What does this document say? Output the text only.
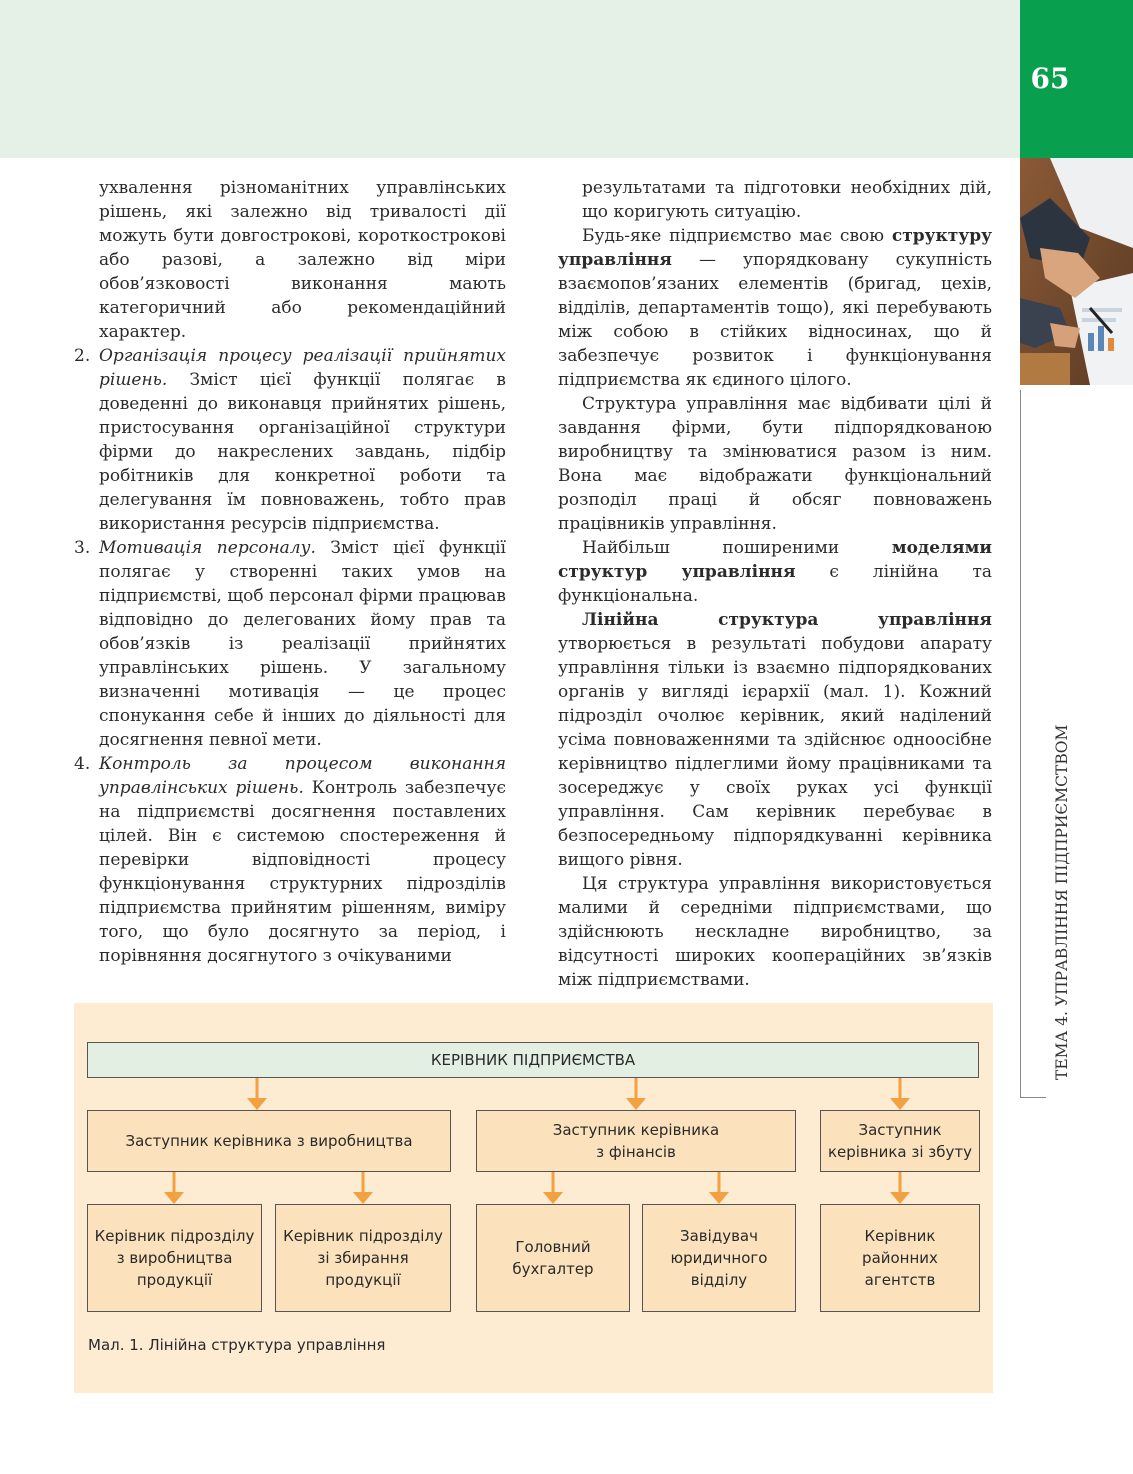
65
ТЕМА 4. УПРАВЛІННЯ ПІДПРИЄМСТВОМ

ухвалення різноманітних управлінських рішень, які залежно від тривалості дії можуть бути довгострокові, короткострокові або разові, а залежно від міри обов’язковості виконання мають категоричний або рекомендаційний характер.

2. Організація процесу реалізації прийнятих рішень. Зміст цієї функції полягає в доведенні до виконавця прийнятих рішень, пристосування організаційної структури фірми до накреслених завдань, підбір робітників для конкретної роботи та делегування їм повноважень, тобто прав використання ресурсів підприємства.

3. Мотивація персоналу. Зміст цієї функції полягає у створенні таких умов на підприємстві, щоб персонал фірми працював відповідно до делегованих йому прав та обов’язків із реалізації прийнятих управлінських рішень. У загальному визначенні мотивація — це процес спонукання себе й інших до діяльності для досягнення певної мети.

4. Контроль за процесом виконання управлінських рішень. Контроль забезпечує на підприємстві досягнення поставлених цілей. Він є системою спостереження й перевірки відповідності процесу функціонування структурних підрозділів підприємства прийнятим рішенням, виміру того, що було досягнуто за період, і порівняння досягнутого з очікуваними

результатами та підготовки необхідних дій, що коригують ситуацію.

Будь-яке підприємство має свою структуру управління — упорядковану сукупність взаємопов’язаних елементів (бригад, цехів, відділів, департаментів тощо), які перебувають між собою в стійких відносинах, що й забезпечує розвиток і функціонування підприємства як єдиного цілого.

Структура управління має відбивати цілі й завдання фірми, бути підпорядкованою виробництву та змінюватися разом із ним. Вона має відображати функціональний розподіл праці й обсяг повноважень працівників управління.

Найбільш поширеними моделями структур управління є лінійна та функціональна.

Лінійна структура управління утворюється в результаті побудови апарату управління тільки із взаємно підпорядкованих органів у вигляді ієрархії (мал. 1). Кожний підрозділ очолює керівник, який наділений усіма повноваженнями та здійснює одноосібне керівництво підлеглими йому працівниками та зосереджує у своїх руках усі функції управління. Сам керівник перебуває в безпосередньому підпорядкуванні керівника вищого рівня.

Ця структура управління використовується малими й середніми підприємствами, що здійснюють нескладне виробництво, за відсутності широких коопераційних зв’язків між підприємствами.

КЕРІВНИК ПІДПРИЄМСТВА
Заступник керівника з виробництва
Заступник керівника
з фінансів
Заступник
керівника зі збуту
Керівник підрозділу
з виробництва
продукції
Керівник підрозділу
зі збирання
продукції
Головний
бухгалтер
Завідувач
юридичного
відділу
Керівник
районних
агентств
Мал. 1. Лінійна структура управління
